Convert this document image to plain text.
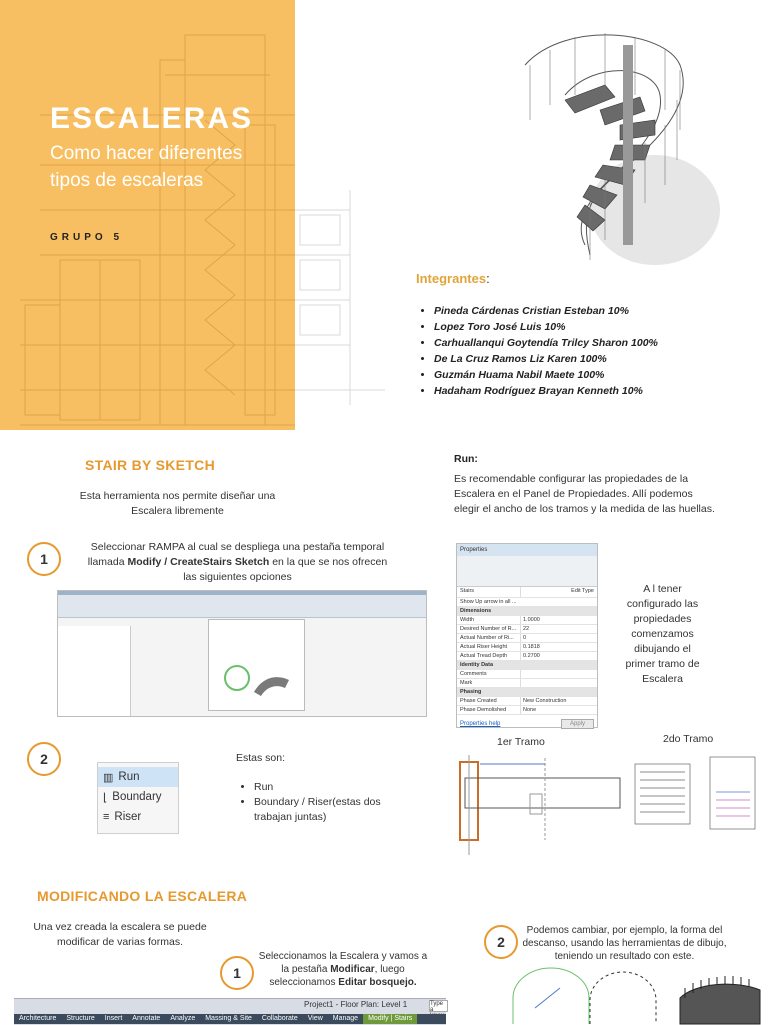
ESCALERAS
Como hacer diferentes tipos de escaleras
GRUPO 5
Integrantes:
• Pineda Cárdenas Cristian Esteban 10%
• Lopez Toro José Luis 10%
• Carhuallanqui Goytendía Trilcy Sharon 100%
• De La Cruz Ramos Liz Karen 100%
• Guzmán Huama Nabil Maete 100%
• Hadaham Rodríguez Brayan Kenneth 10%
STAIR BY SKETCH
Esta herramienta nos permite diseñar una Escalera libremente
1
Seleccionar RAMPA al cual se despliega una pestaña temporal llamada Modify / CreateStairs Sketch en la que se nos ofrecen las siguientes opciones
2
▥ Run
⌊ Boundary
≡ Riser
Estas son:
• Run
• Boundary / Riser(estas dos trabajan juntas)
Run:
Es recomendable configurar las propiedades de la Escalera en el Panel de Propiedades. Allí podemos elegir el ancho de los tramos y la medida de las huellas.
Properties
Stairs	Edit Type
Show Up arrow in all ...
Dimensions
Width	1.0000
Desired Number of R...	22
Actual Number of Ri...	0
Actual Riser Height	0.1818
Actual Tread Depth	0.2700
Identity Data
Comments
Mark
Phasing
Phase Created	New Construction
Phase Demolished	None
Properties help	Apply
A l tener configurado las propiedades comenzamos dibujando el primer tramo de Escalera
1er Tramo	2do Tramo
MODIFICANDO LA ESCALERA
Una vez creada la escalera se puede modificar de varias formas.
1
Seleccionamos la Escalera y vamos a la pestaña Modificar, luego seleccionamos Editar bosquejo.
2
Podemos cambiar, por ejemplo, la forma del descanso, usando las herramientas de dibujo, teniendo un resultado con este.
Project1 - Floor Plan: Level 1	Type a
Architecture	Structure	Insert	Annotate	Analyze	Massing & Site	Collaborate	View	Manage	Modify | Stairs
